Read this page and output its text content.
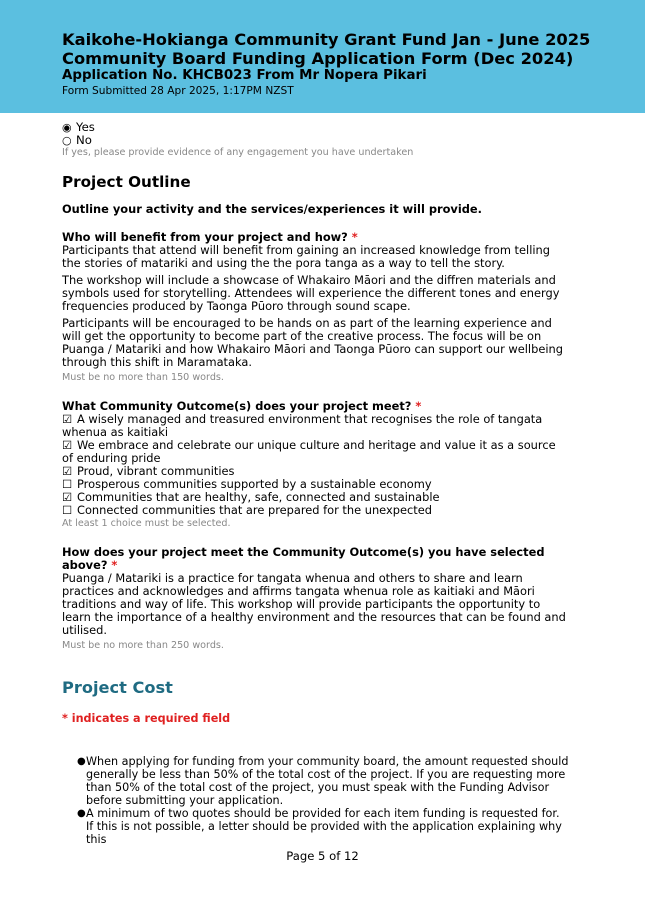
Kaikohe-Hokianga Community Grant Fund Jan - June 2025
Community Board Funding Application Form (Dec 2024)
Application No. KHCB023 From Mr Nopera Pikari
Form Submitted 28 Apr 2025, 1:17PM NZST
◉ Yes
○ No
If yes, please provide evidence of any engagement you have undertaken
Project Outline
Outline your activity and the services/experiences it will provide.
Who will benefit from your project and how? *
Participants that attend will benefit from gaining an increased knowledge from telling the stories of matariki and using the the pora tanga as a way to tell the story.
The workshop will include a showcase of Whakairo Māori and the diffren materials and symbols used for storytelling. Attendees will experience the different tones and energy frequencies produced by Taonga Pūoro through sound scape.
Participants will be encouraged to be hands on as part of the learning experience and will get the opportunity to become part of the creative process. The focus will be on Puanga / Matariki and how Whakairo Māori and Taonga Pūoro can support our wellbeing through this shift in Maramataka.
Must be no more than 150 words.
What Community Outcome(s) does your project meet? *
☑ A wisely managed and treasured environment that recognises the role of tangata whenua as kaitiaki
☑ We embrace and celebrate our unique culture and heritage and value it as a source of enduring pride
☑ Proud, vibrant communities
☐ Prosperous communities supported by a sustainable economy
☑ Communities that are healthy, safe, connected and sustainable
☐ Connected communities that are prepared for the unexpected
At least 1 choice must be selected.
How does your project meet the Community Outcome(s) you have selected above? *
Puanga / Matariki is a practice for tangata whenua and others to share and learn practices and acknowledges and affirms tangata whenua role as kaitiaki and Māori traditions and way of life. This workshop will provide participants the opportunity to learn the importance of a healthy environment and the resources that can be found and utilised.
Must be no more than 250 words.
Project Cost
* indicates a required field
● When applying for funding from your community board, the amount requested should generally be less than 50% of the total cost of the project. If you are requesting more than 50% of the total cost of the project, you must speak with the Funding Advisor before submitting your application.
● A minimum of two quotes should be provided for each item funding is requested for. If this is not possible, a letter should be provided with the application explaining why this
Page 5 of 12
